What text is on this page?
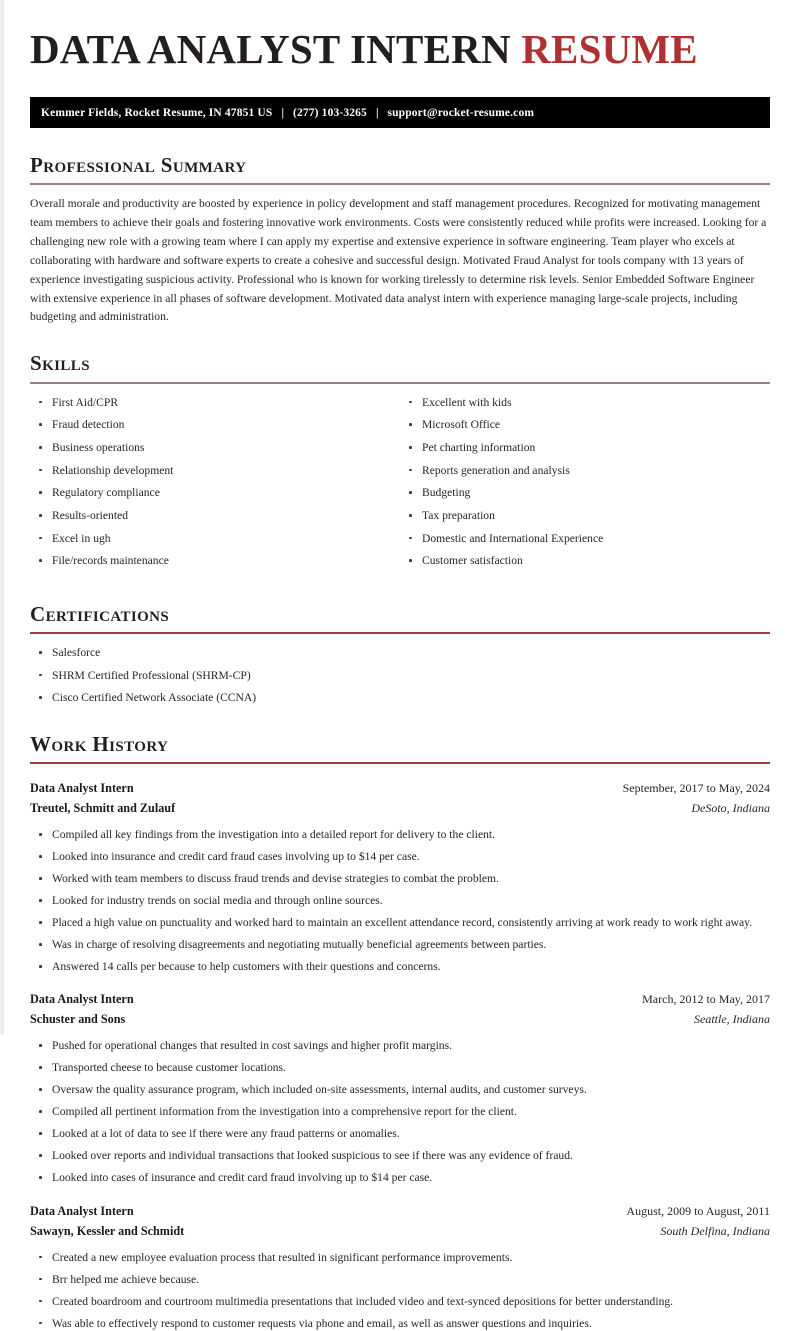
DATA ANALYST INTERN RESUME
Kemmer Fields, Rocket Resume, IN 47851 US | (277) 103-3265 | support@rocket-resume.com
Professional Summary

Overall morale and productivity are boosted by experience in policy development and staff management procedures. Recognized for motivating management team members to achieve their goals and fostering innovative work environments. Costs were consistently reduced while profits were increased. Looking for a challenging new role with a growing team where I can apply my expertise and extensive experience in software engineering. Team player who excels at collaborating with hardware and software experts to create a cohesive and successful design. Motivated Fraud Analyst for tools company with 13 years of experience investigating suspicious activity. Professional who is known for working tirelessly to determine risk levels. Senior Embedded Software Engineer with extensive experience in all phases of software development. Motivated data analyst intern with experience managing large-scale projects, including budgeting and administration.

Skills
First Aid/CPR
Fraud detection
Business operations
Relationship development
Regulatory compliance
Results-oriented
Excel in ugh
File/records maintenance
Excellent with kids
Microsoft Office
Pet charting information
Reports generation and analysis
Budgeting
Tax preparation
Domestic and International Experience
Customer satisfaction
Certifications
Salesforce
SHRM Certified Professional (SHRM-CP)
Cisco Certified Network Associate (CCNA)
Work History
Data Analyst Intern	September, 2017 to May, 2024
Treutel, Schmitt and Zulauf	DeSoto, Indiana
Compiled all key findings from the investigation into a detailed report for delivery to the client.
Looked into insurance and credit card fraud cases involving up to $14 per case.
Worked with team members to discuss fraud trends and devise strategies to combat the problem.
Looked for industry trends on social media and through online sources.
Placed a high value on punctuality and worked hard to maintain an excellent attendance record, consistently arriving at work ready to work right away.
Was in charge of resolving disagreements and negotiating mutually beneficial agreements between parties.
Answered 14 calls per because to help customers with their questions and concerns.
Data Analyst Intern	March, 2012 to May, 2017
Schuster and Sons	Seattle, Indiana
Pushed for operational changes that resulted in cost savings and higher profit margins.
Transported cheese to because customer locations.
Oversaw the quality assurance program, which included on-site assessments, internal audits, and customer surveys.
Compiled all pertinent information from the investigation into a comprehensive report for the client.
Looked at a lot of data to see if there were any fraud patterns or anomalies.
Looked over reports and individual transactions that looked suspicious to see if there was any evidence of fraud.
Looked into cases of insurance and credit card fraud involving up to $14 per case.
Data Analyst Intern	August, 2009 to August, 2011
Sawayn, Kessler and Schmidt	South Delfina, Indiana
Created a new employee evaluation process that resulted in significant performance improvements.
Brr helped me achieve because.
Created boardroom and courtroom multimedia presentations that included video and text-synced depositions for better understanding.
Was able to effectively respond to customer requests via phone and email, as well as answer questions and inquiries.
